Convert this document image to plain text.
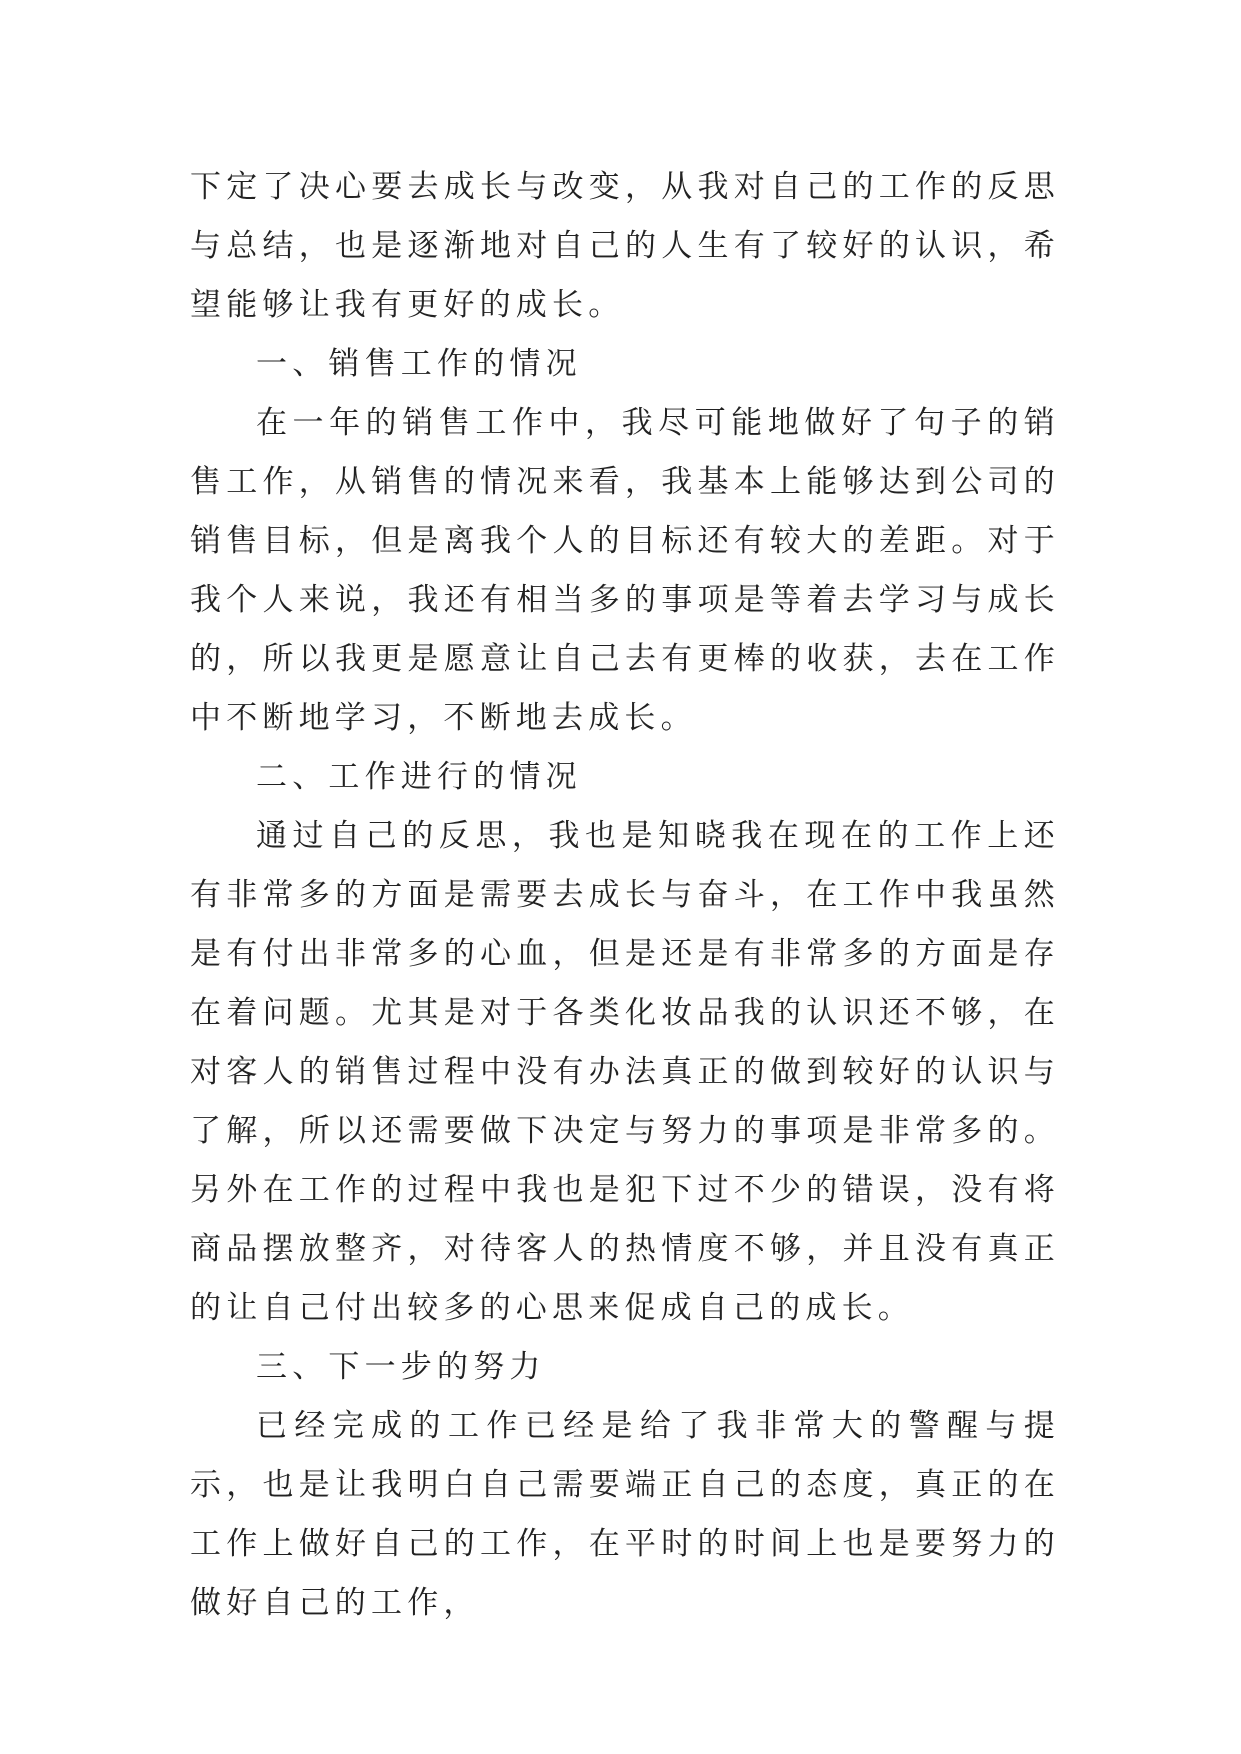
下定了决心要去成长与改变，从我对自己的工作的反思与总结，也是逐渐地对自己的人生有了较好的认识，希望能够让我有更好的成长。

一、销售工作的情况

在一年的销售工作中，我尽可能地做好了句子的销售工作，从销售的情况来看，我基本上能够达到公司的销售目标，但是离我个人的目标还有较大的差距。对于我个人来说，我还有相当多的事项是等着去学习与成长的，所以我更是愿意让自己去有更棒的收获，去在工作中不断地学习，不断地去成长。

二、工作进行的情况

通过自己的反思，我也是知晓我在现在的工作上还有非常多的方面是需要去成长与奋斗，在工作中我虽然是有付出非常多的心血，但是还是有非常多的方面是存在着问题。尤其是对于各类化妆品我的认识还不够，在对客人的销售过程中没有办法真正的做到较好的认识与了解，所以还需要做下决定与努力的事项是非常多的。另外在工作的过程中我也是犯下过不少的错误，没有将商品摆放整齐，对待客人的热情度不够，并且没有真正的让自己付出较多的心思来促成自己的成长。

三、下一步的努力

已经完成的工作已经是给了我非常大的警醒与提示，也是让我明白自己需要端正自己的态度，真正的在工作上做好自己的工作，在平时的时间上也是要努力的做好自己的工作，
